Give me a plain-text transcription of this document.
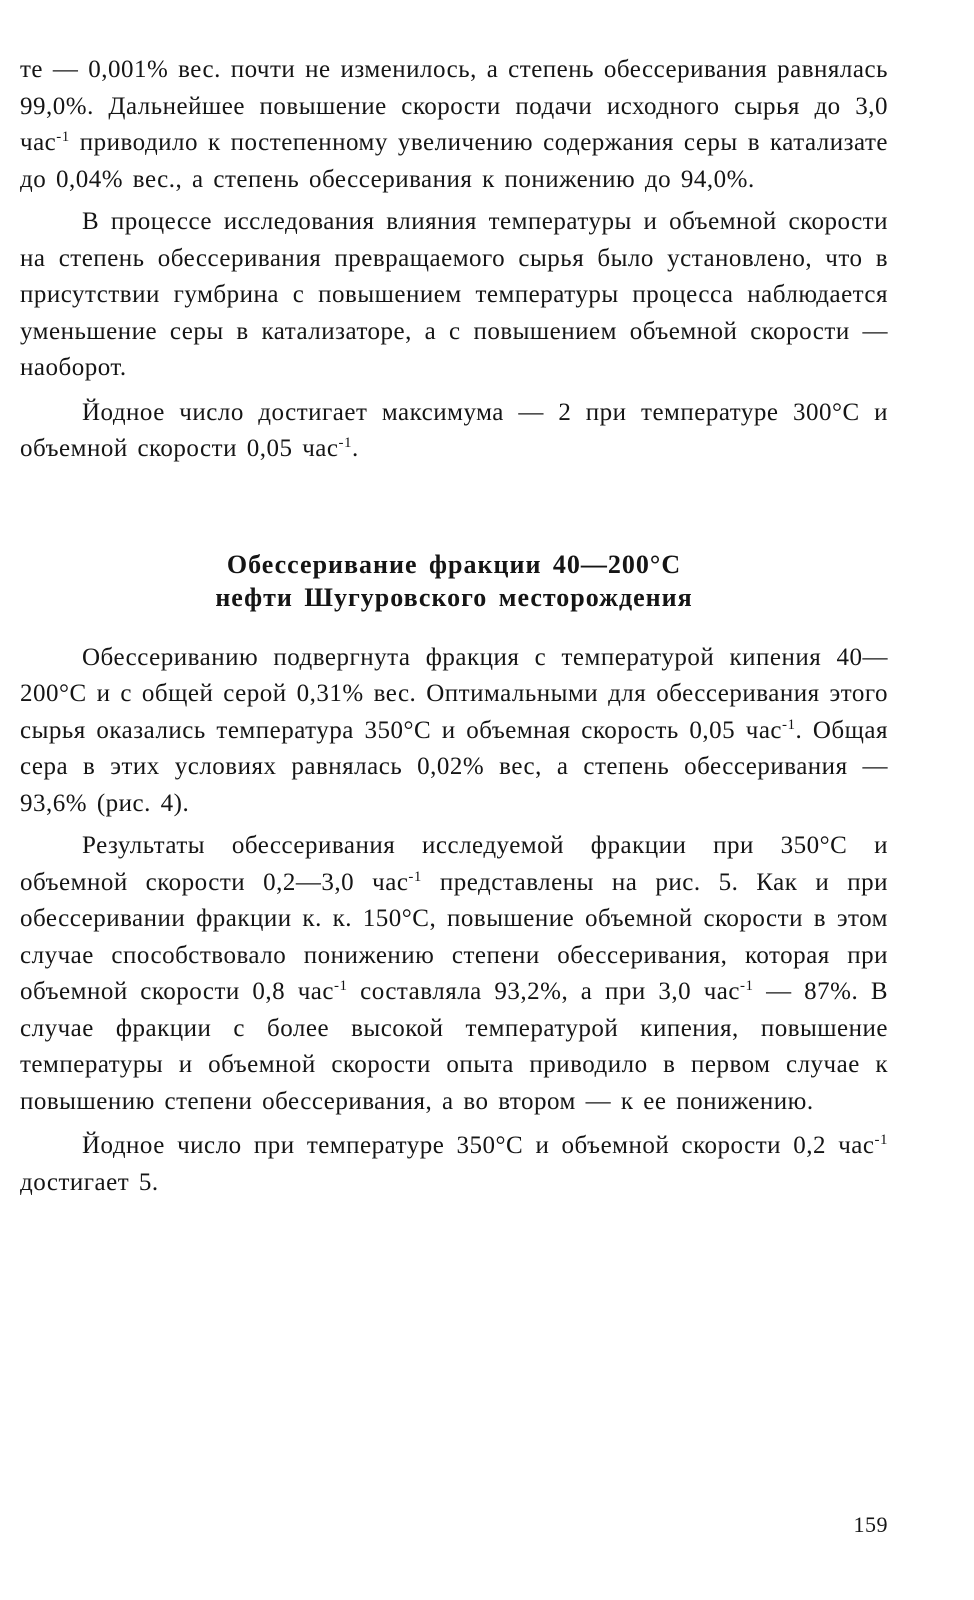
те — 0,001% вес. почти не изменилось, а степень обессеривания равнялась 99,0%. Дальнейшее повышение скорости подачи исходного сырья до 3,0 час$^{-1}$ приводило к постепенному увеличению содержания серы в катализате до 0,04% вес., а степень обессеривания к понижению до 94,0%.

В процессе исследования влияния температуры и объемной скорости на степень обессеривания превращаемого сырья было установлено, что в присутствии гумбрина с повышением температуры процесса наблюдается уменьшение серы в катализаторе, а с повышением объемной скорости — наоборот.

Йодное число достигает максимума — 2 при температуре 300°С и объемной скорости 0,05 час$^{-1}$.

Обессеривание фракции 40—200°С
нефти Шугуровского месторождения

Обессериванию подвергнута фракция с температурой кипения 40—200°С и с общей серой 0,31% вес. Оптимальными для обессеривания этого сырья оказались температура 350°С и объемная скорость 0,05 час$^{-1}$. Общая сера в этих условиях равнялась 0,02% вес, а степень обессеривания — 93,6% (рис. 4).

Результаты обессеривания исследуемой фракции при 350°С и объемной скорости 0,2—3,0 час$^{-1}$ представлены на рис. 5. Как и при обессеривании фракции к. к. 150°С, повышение объемной скорости в этом случае способствовало понижению степени обессеривания, которая при объемной скорости 0,8 час$^{-1}$ составляла 93,2%, а при 3,0 час$^{-1}$ — 87%. В случае фракции с более высокой температурой кипения, повышение температуры и объемной скорости опыта приводило в первом случае к повышению степени обессеривания, а во втором — к ее понижению.

Йодное число при температуре 350°С и объемной скорости 0,2 час$^{-1}$ достигает 5.

159
